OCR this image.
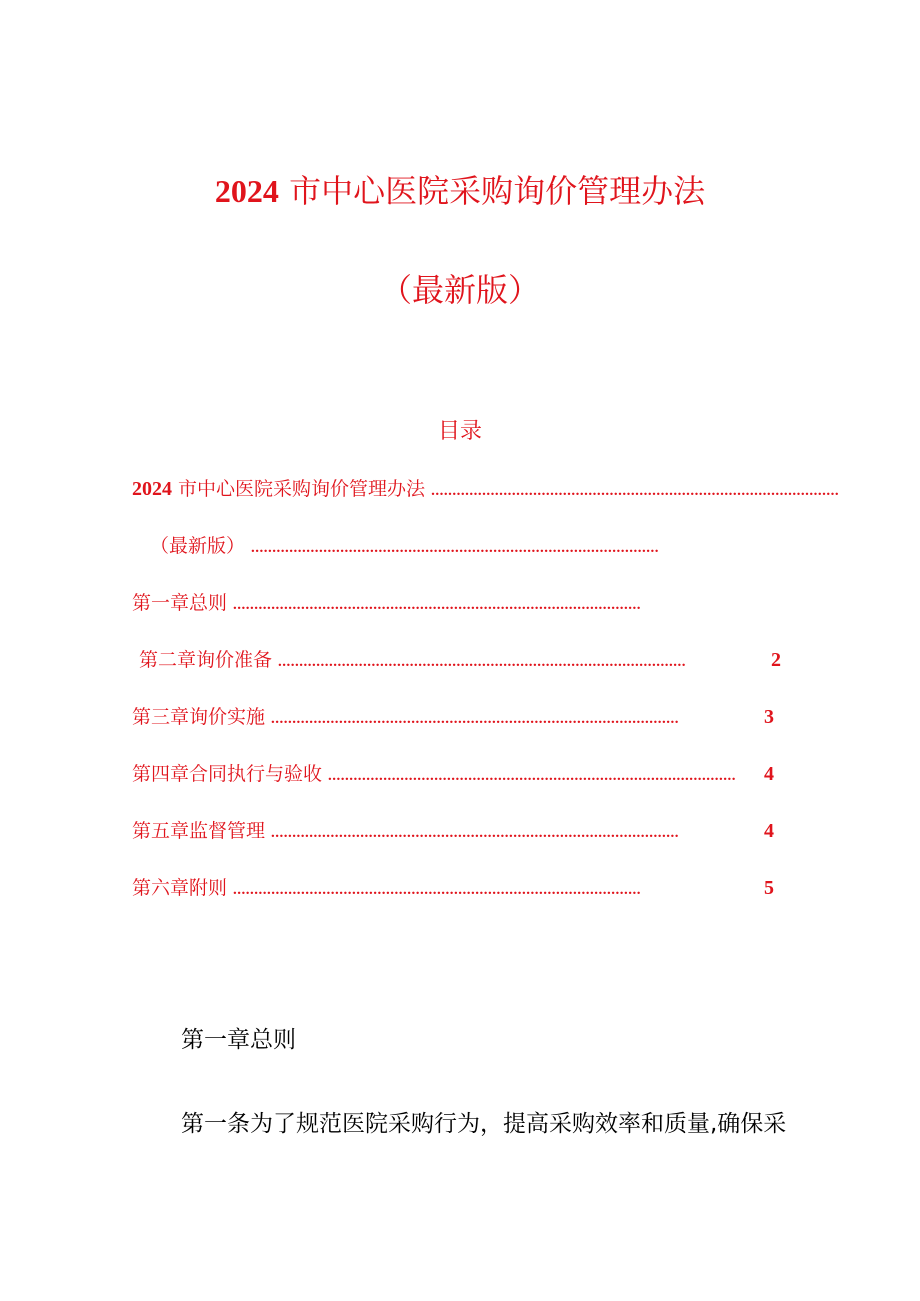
2024 市中心医院采购询价管理办法
（最新版）
目录
2024 市中心医院采购询价管理办法 ................................................................................................
（最新版） ................................................................................................
第一章总则 ................................................................................................
第二章询价准备 ................................................................................................	2
第三章询价实施 ................................................................................................	3
第四章合同执行与验收 ................................................................................................	4
第五章监督管理 ................................................................................................	4
第六章附则 ................................................................................................	5
第一章总则
第一条为了规范医院采购行为，提高采购效率和质量,确保采
